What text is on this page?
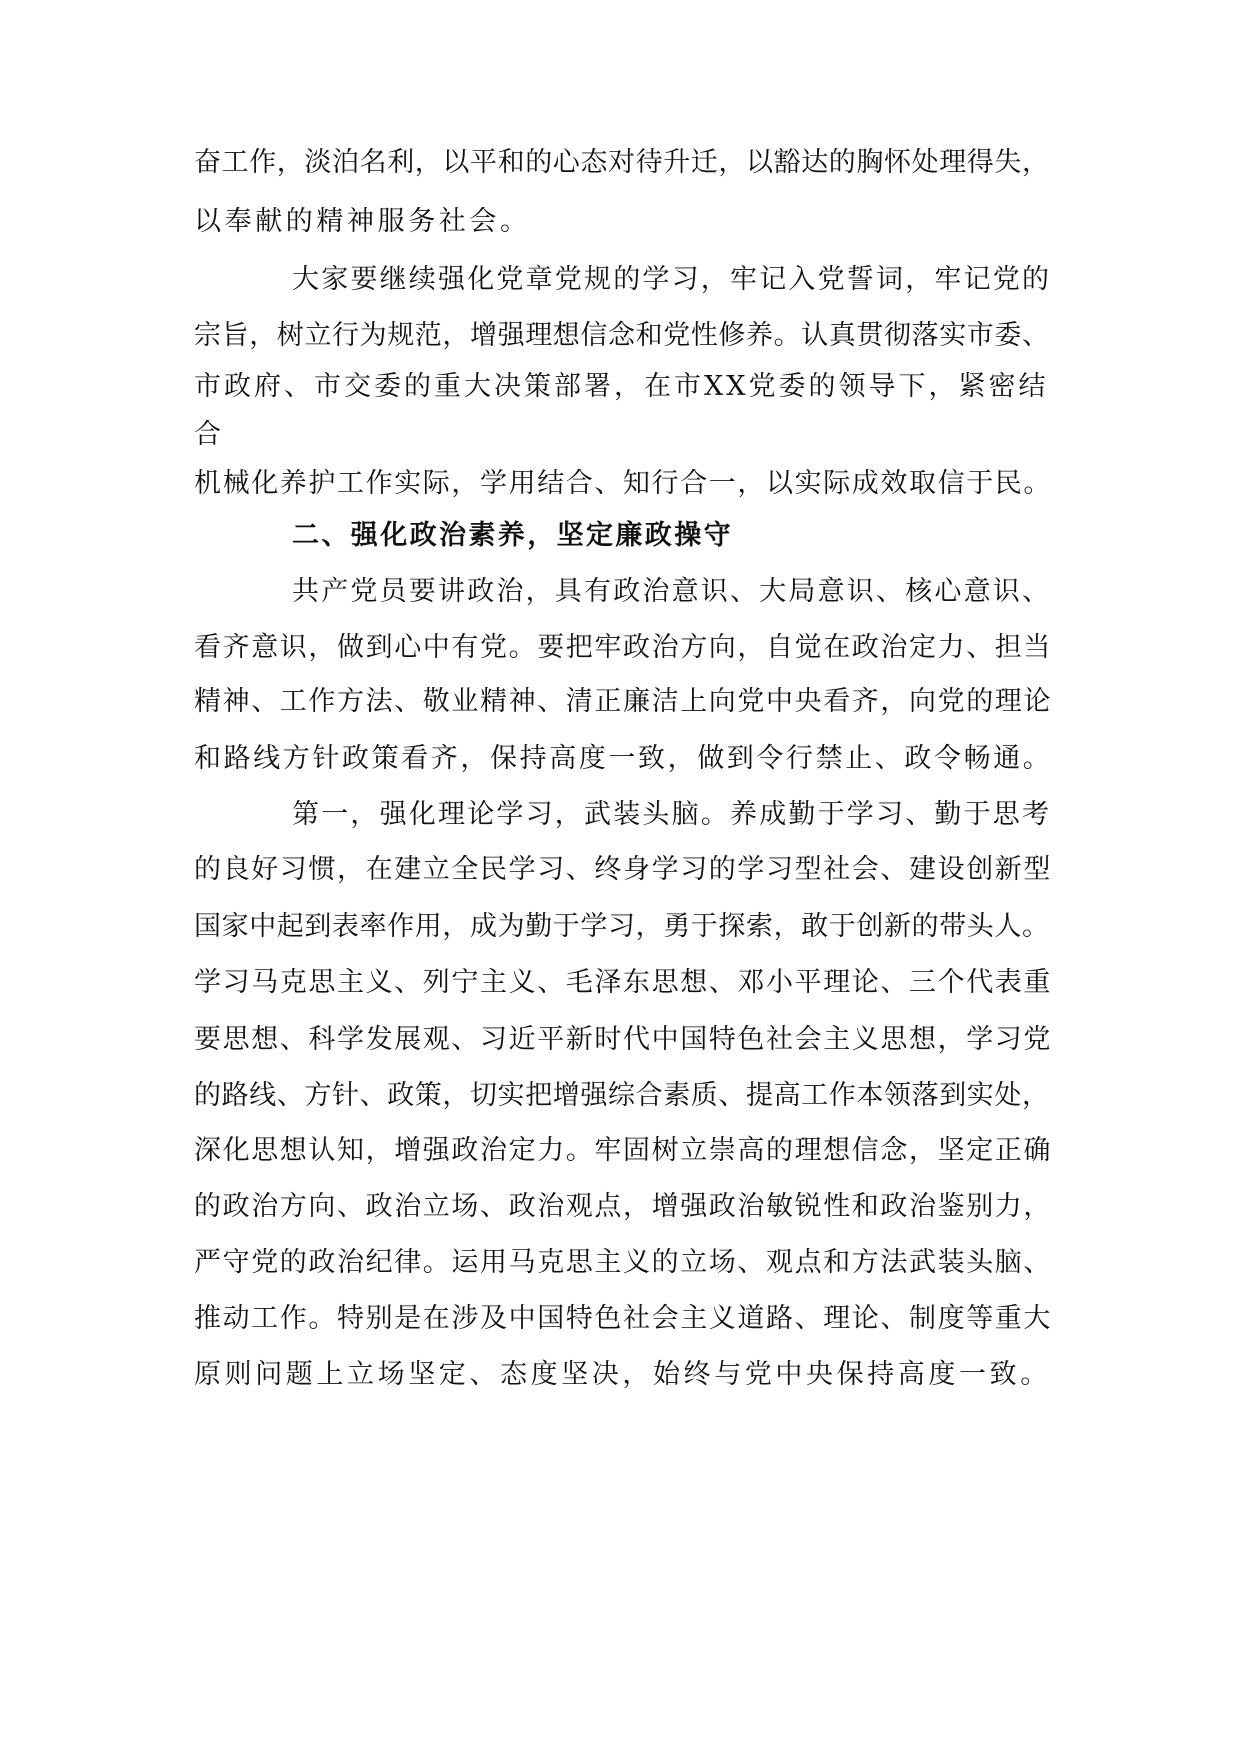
奋工作，淡泊名利，以平和的心态对待升迁，以豁达的胸怀处理得失，
以奉献的精神服务社会。
大家要继续强化党章党规的学习，牢记入党誓词，牢记党的
宗旨，树立行为规范，增强理想信念和党性修养。认真贯彻落实市委、
市政府、市交委的重大决策部署，在市XX党委的领导下，紧密结
合
机械化养护工作实际，学用结合、知行合一，以实际成效取信于民。
二、强化政治素养，坚定廉政操守
共产党员要讲政治，具有政治意识、大局意识、核心意识、
看齐意识，做到心中有党。要把牢政治方向，自觉在政治定力、担当
精神、工作方法、敬业精神、清正廉洁上向党中央看齐，向党的理论
和路线方针政策看齐，保持高度一致，做到令行禁止、政令畅通。
第一，强化理论学习，武装头脑。养成勤于学习、勤于思考
的良好习惯，在建立全民学习、终身学习的学习型社会、建设创新型
国家中起到表率作用，成为勤于学习，勇于探索，敢于创新的带头人。
学习马克思主义、列宁主义、毛泽东思想、邓小平理论、三个代表重
要思想、科学发展观、习近平新时代中国特色社会主义思想，学习党
的路线、方针、政策，切实把增强综合素质、提高工作本领落到实处，
深化思想认知，增强政治定力。牢固树立崇高的理想信念，坚定正确
的政治方向、政治立场、政治观点，增强政治敏锐性和政治鉴别力，
严守党的政治纪律。运用马克思主义的立场、观点和方法武装头脑、
推动工作。特别是在涉及中国特色社会主义道路、理论、制度等重大
原则问题上立场坚定、态度坚决，始终与党中央保持高度一致。
